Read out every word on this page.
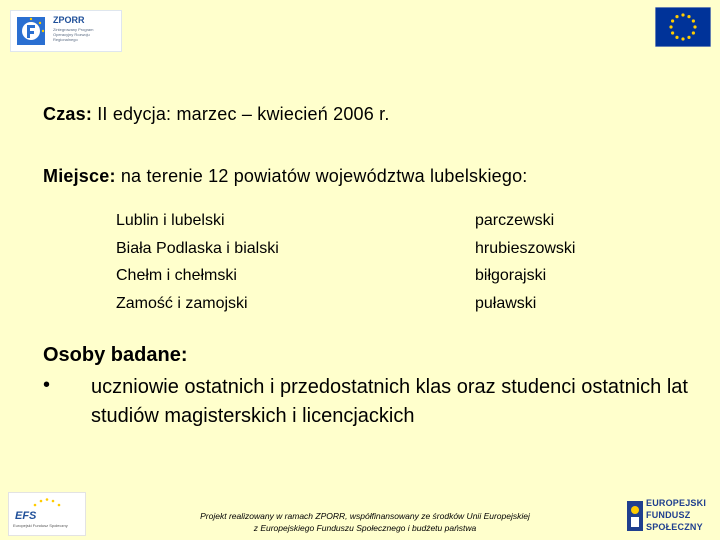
ZPORR
Zintegrowany Program Operacyjny Rozwoju Regionalnego
Czas: II edycja: marzec – kwiecień 2006 r.
Miejsce: na terenie 12 powiatów województwa lubelskiego:
Lublin i lubelski
Biała Podlaska i bialski
Chełm i chełmski
Zamość i zamojski
parczewski
hrubieszowski
biłgorajski
puławski
Osoby badane:
• uczniowie ostatnich i przedostatnich klas oraz studenci ostatnich lat studiów magisterskich i licencjackich
EFS
Europejski Fundusz Społeczny
Projekt realizowany w ramach ZPORR, współfinansowany ze środków Unii Europejskiej
z Europejskiego Funduszu Społecznego i budżetu państwa
EUROPEJSKI
FUNDUSZ
SPOŁECZNY
